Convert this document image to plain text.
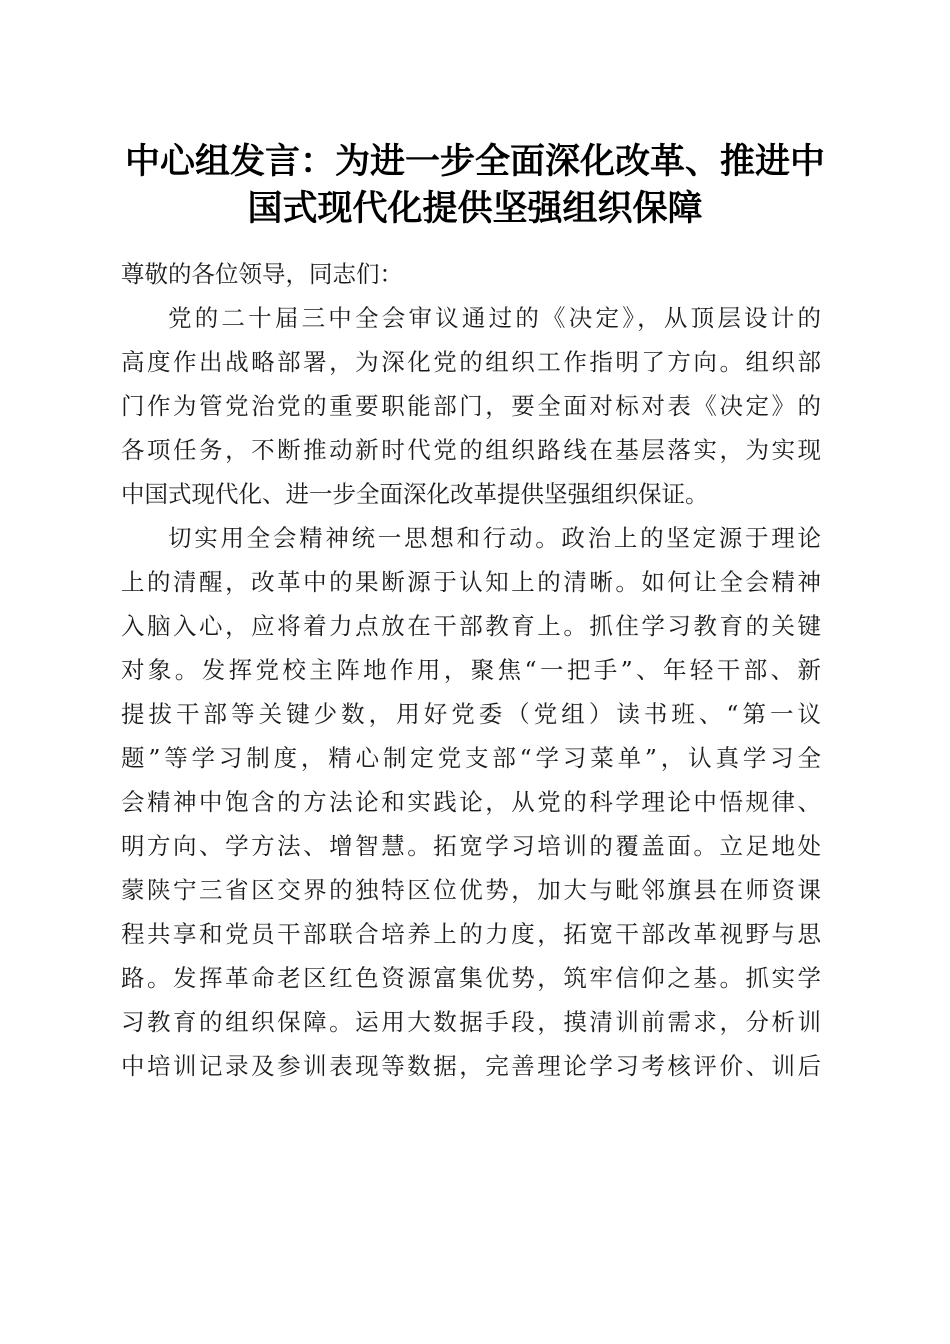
中心组发言：为进一步全面深化改革、推进中
国式现代化提供坚强组织保障

尊敬的各位领导，同志们：

党的二十届三中全会审议通过的《决定》，从顶层设计的
高度作出战略部署，为深化党的组织工作指明了方向。组织部
门作为管党治党的重要职能部门，要全面对标对表《决定》的
各项任务，不断推动新时代党的组织路线在基层落实，为实现
中国式现代化、进一步全面深化改革提供坚强组织保证。

切实用全会精神统一思想和行动。政治上的坚定源于理论
上的清醒，改革中的果断源于认知上的清晰。如何让全会精神
入脑入心，应将着力点放在干部教育上。抓住学习教育的关键
对象。发挥党校主阵地作用，聚焦“一把手”、年轻干部、新
提拔干部等关键少数，用好党委（党组）读书班、“第一议
题”等学习制度，精心制定党支部“学习菜单”，认真学习全
会精神中饱含的方法论和实践论，从党的科学理论中悟规律、
明方向、学方法、增智慧。拓宽学习培训的覆盖面。立足地处
蒙陕宁三省区交界的独特区位优势，加大与毗邻旗县在师资课
程共享和党员干部联合培养上的力度，拓宽干部改革视野与思
路。发挥革命老区红色资源富集优势，筑牢信仰之基。抓实学
习教育的组织保障。运用大数据手段，摸清训前需求，分析训
中培训记录及参训表现等数据，完善理论学习考核评价、训后
